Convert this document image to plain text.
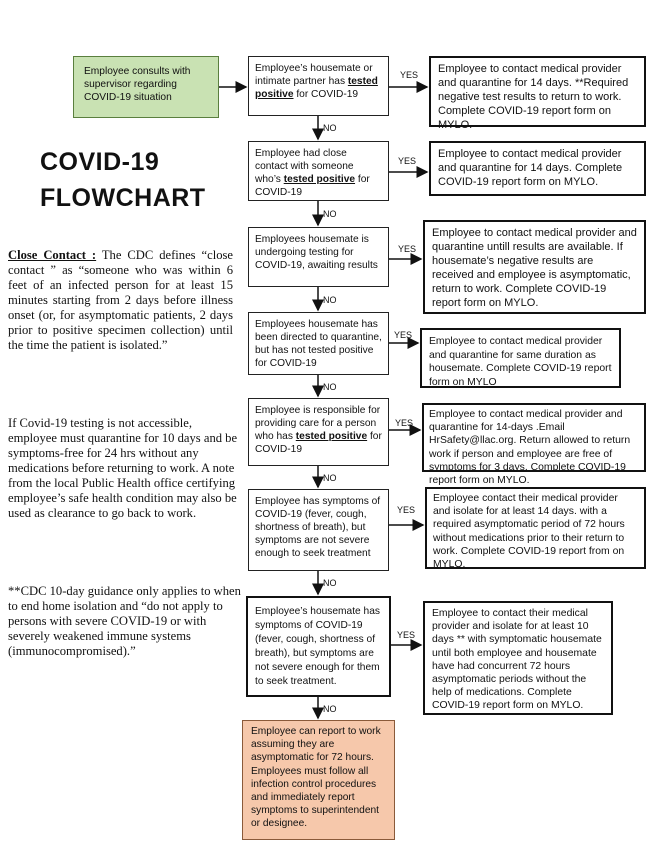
COVID-19
FLOWCHART
Employee consults with supervisor regarding COVID-19 situation
Employee’s housemate or intimate partner has tested positive for COVID-19
Employee had close contact with someone who’s tested positive for COVID-19
Employees housemate is undergoing testing for COVID-19, awaiting results
Employees housemate has been directed to quarantine, but has not tested positive for COVID-19
Employee is responsible for providing care for a person who has tested positive for COVID-19
Employee has symptoms of COVID-19 (fever, cough, shortness of breath), but symptoms are not severe enough to seek treatment
Employee’s housemate has symptoms of COVID-19 (fever, cough, shortness of breath), but symptoms are not severe enough for them to seek treatment.
YES
YES
YES
YES
YES
YES
YES
NO
NO
NO
NO
NO
NO
NO
Employee to contact medical provider and quarantine for 14 days. **Required negative test results to return to work. Complete COVID-19 report form on MYLO.
Employee to contact medical provider and quarantine for 14 days. Complete COVID-19 report form on MYLO.
Employee to contact medical provider and quarantine untill results are available. If housemate’s negative results are received and employee is asymptomatic, return to work. Complete COVID-19 report form on MYLO.
Employee to contact medical provider and quarantine for same duration as housemate. Complete COVID-19 report form on MYLO
Employee to contact medical provider and quarantine for 14-days .Email HrSafety@llac.org. Return allowed to return work if person and employee are free of symptoms for 3 days. Complete COVID-19 report form on MYLO.
Employee contact their medical provider and isolate for at least 14 days. with a required asymptomatic period of 72 hours without medications prior to their return to work. Complete COVID-19 report from on MYLO.
Employee to contact their medical provider and isolate for at least 10 days ** with symptomatic housemate until both employee and housemate have had concurrent 72 hours asymptomatic periods without the help of medications. Complete COVID-19 report form on MYLO.
Employee can report to work assuming they are asymptomatic for 72 hours. Employees must follow all infection control procedures and immediately report symptoms to superintendent or designee.
Close Contact : The CDC defines “close contact ” as “someone who was within 6 feet of an infected person for at least 15 minutes starting from 2 days before illness onset (or, for asymptomatic patients, 2 days prior to positive specimen collection) until the time the patient is isolated.”
If Covid-19 testing is not accessible, employee must quarantine for 10 days and be symptoms-free for 24 hrs without any medications before returning to work. A note from the local Public Health office certifying employee’s safe health condition may also be used as clearance to go back to work.
**CDC 10-day guidance only applies to when to end home isolation and “do not apply to persons with severe COVID-19 or with severely weakened immune systems (immunocompromised).”
